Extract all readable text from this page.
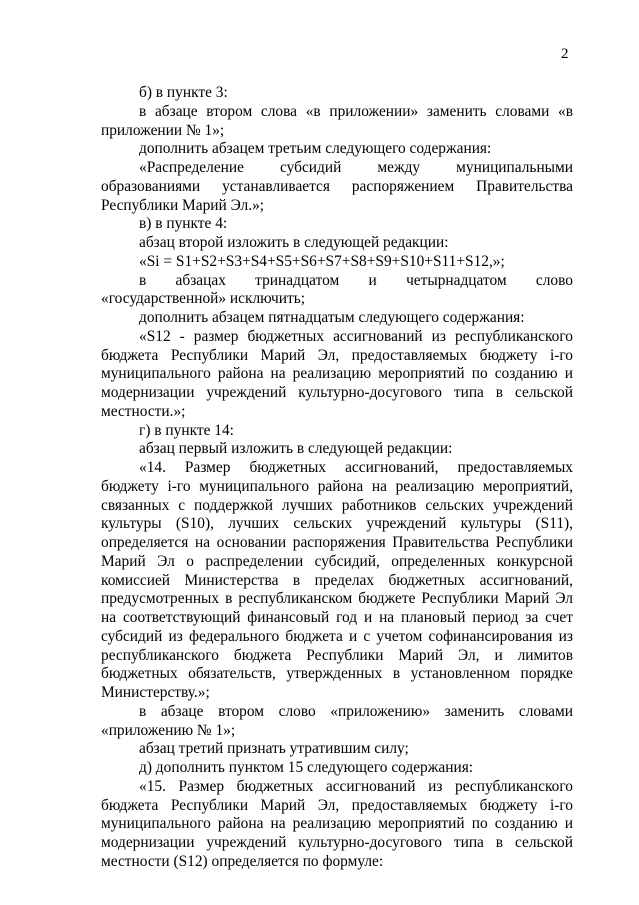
2

б) в пункте 3:

в абзаце втором слова «в приложении» заменить словами «в приложении № 1»;

дополнить абзацем третьим следующего содержания:

«Распределение субсидий между муниципальными образованиями устанавливается распоряжением Правительства Республики Марий Эл.»;

в) в пункте 4:

абзац второй изложить в следующей редакции:

«Si = S1+S2+S3+S4+S5+S6+S7+S8+S9+S10+S11+S12,»;

в абзацах тринадцатом и четырнадцатом слово «государственной» исключить;

дополнить абзацем пятнадцатым следующего содержания:

«S12 - размер бюджетных ассигнований из республиканского бюджета Республики Марий Эл, предоставляемых бюджету i-го муниципального района на реализацию мероприятий по созданию и модернизации учреждений культурно-досугового типа в сельской местности.»;

г) в пункте 14:

абзац первый изложить в следующей редакции:

«14. Размер бюджетных ассигнований, предоставляемых бюджету i-го муниципального района на реализацию мероприятий, связанных с поддержкой лучших работников сельских учреждений культуры (S10), лучших сельских учреждений культуры (S11), определяется на основании распоряжения Правительства Республики Марий Эл о распределении субсидий, определенных конкурсной комиссией Министерства в пределах бюджетных ассигнований, предусмотренных в республиканском бюджете Республики Марий Эл на соответствующий финансовый год и на плановый период за счет субсидий из федерального бюджета и с учетом софинансирования из республиканского бюджета Республики Марий Эл, и лимитов бюджетных обязательств, утвержденных в установленном порядке Министерству.»;

в абзаце втором слово «приложению» заменить словами «приложению № 1»;

абзац третий признать утратившим силу;

д) дополнить пунктом 15 следующего содержания:

«15. Размер бюджетных ассигнований из республиканского бюджета Республики Марий Эл, предоставляемых бюджету i-го муниципального района на реализацию мероприятий по созданию и модернизации учреждений культурно-досугового типа в сельской местности (S12) определяется по формуле:
